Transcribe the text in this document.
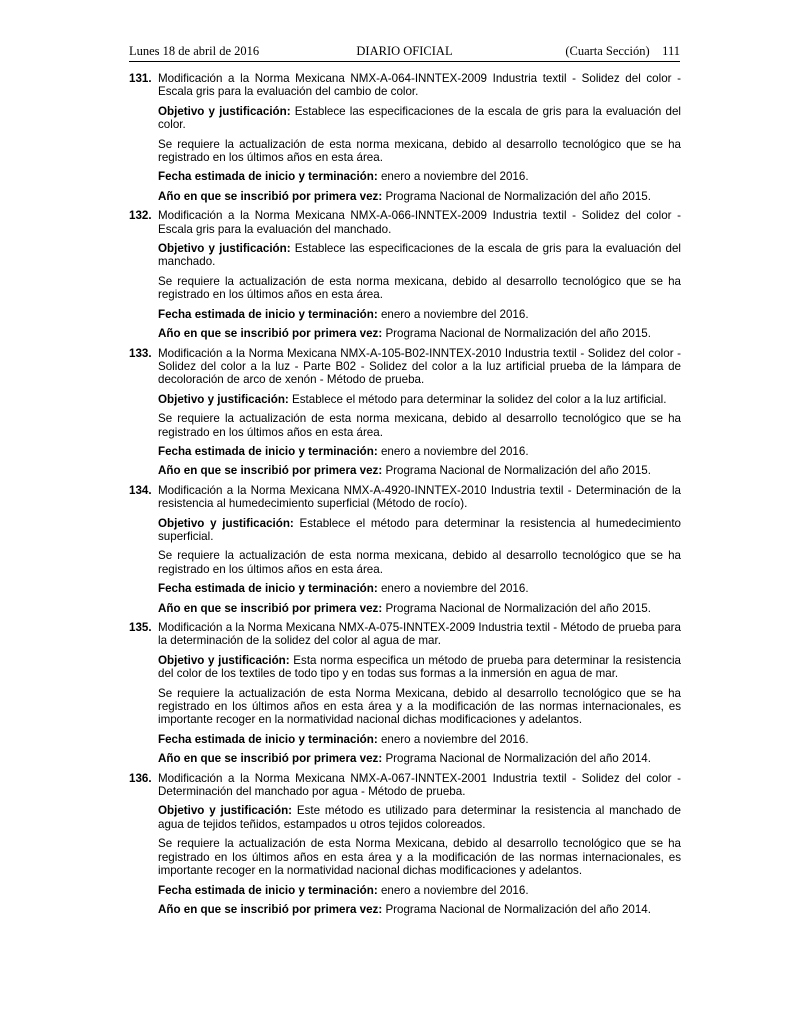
Lunes 18 de abril de 2016	DIARIO OFICIAL	(Cuarta Sección) 111
131. Modificación a la Norma Mexicana NMX-A-064-INNTEX-2009 Industria textil - Solidez del color - Escala gris para la evaluación del cambio de color.
Objetivo y justificación: Establece las especificaciones de la escala de gris para la evaluación del color.
Se requiere la actualización de esta norma mexicana, debido al desarrollo tecnológico que se ha registrado en los últimos años en esta área.
Fecha estimada de inicio y terminación: enero a noviembre del 2016.
Año en que se inscribió por primera vez: Programa Nacional de Normalización del año 2015.
132. Modificación a la Norma Mexicana NMX-A-066-INNTEX-2009 Industria textil - Solidez del color - Escala gris para la evaluación del manchado.
Objetivo y justificación: Establece las especificaciones de la escala de gris para la evaluación del manchado.
Se requiere la actualización de esta norma mexicana, debido al desarrollo tecnológico que se ha registrado en los últimos años en esta área.
Fecha estimada de inicio y terminación: enero a noviembre del 2016.
Año en que se inscribió por primera vez: Programa Nacional de Normalización del año 2015.
133. Modificación a la Norma Mexicana NMX-A-105-B02-INNTEX-2010 Industria textil - Solidez del color - Solidez del color a la luz - Parte B02 - Solidez del color a la luz artificial prueba de la lámpara de decoloración de arco de xenón - Método de prueba.
Objetivo y justificación: Establece el método para determinar la solidez del color a la luz artificial.
Se requiere la actualización de esta norma mexicana, debido al desarrollo tecnológico que se ha registrado en los últimos años en esta área.
Fecha estimada de inicio y terminación: enero a noviembre del 2016.
Año en que se inscribió por primera vez: Programa Nacional de Normalización del año 2015.
134. Modificación a la Norma Mexicana NMX-A-4920-INNTEX-2010 Industria textil - Determinación de la resistencia al humedecimiento superficial (Método de rocío).
Objetivo y justificación: Establece el método para determinar la resistencia al humedecimiento superficial.
Se requiere la actualización de esta norma mexicana, debido al desarrollo tecnológico que se ha registrado en los últimos años en esta área.
Fecha estimada de inicio y terminación: enero a noviembre del 2016.
Año en que se inscribió por primera vez: Programa Nacional de Normalización del año 2015.
135. Modificación a la Norma Mexicana NMX-A-075-INNTEX-2009 Industria textil - Método de prueba para la determinación de la solidez del color al agua de mar.
Objetivo y justificación: Esta norma especifica un método de prueba para determinar la resistencia del color de los textiles de todo tipo y en todas sus formas a la inmersión en agua de mar.
Se requiere la actualización de esta Norma Mexicana, debido al desarrollo tecnológico que se ha registrado en los últimos años en esta área y a la modificación de las normas internacionales, es importante recoger en la normatividad nacional dichas modificaciones y adelantos.
Fecha estimada de inicio y terminación: enero a noviembre del 2016.
Año en que se inscribió por primera vez: Programa Nacional de Normalización del año 2014.
136. Modificación a la Norma Mexicana NMX-A-067-INNTEX-2001 Industria textil - Solidez del color - Determinación del manchado por agua - Método de prueba.
Objetivo y justificación: Este método es utilizado para determinar la resistencia al manchado de agua de tejidos teñidos, estampados u otros tejidos coloreados.
Se requiere la actualización de esta Norma Mexicana, debido al desarrollo tecnológico que se ha registrado en los últimos años en esta área y a la modificación de las normas internacionales, es importante recoger en la normatividad nacional dichas modificaciones y adelantos.
Fecha estimada de inicio y terminación: enero a noviembre del 2016.
Año en que se inscribió por primera vez: Programa Nacional de Normalización del año 2014.
